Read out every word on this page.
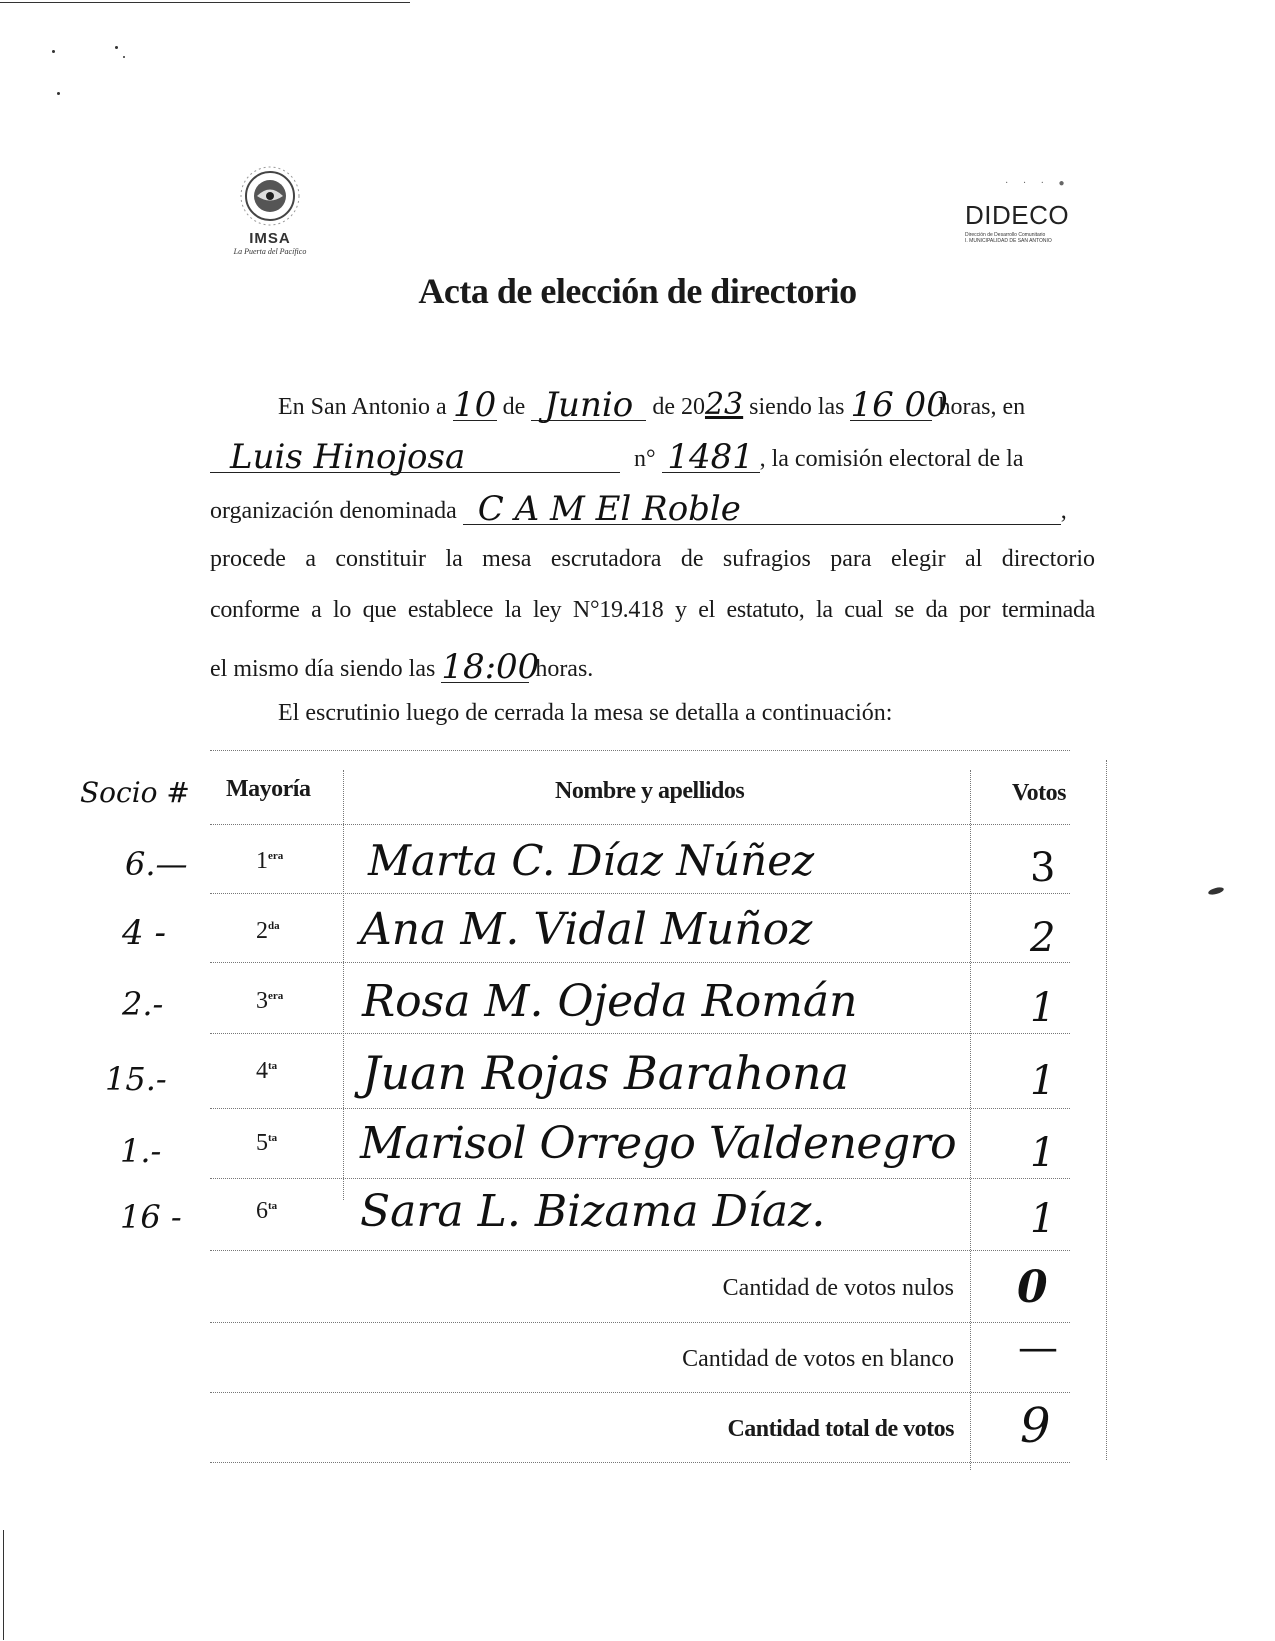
IMSA
La Puerta del Pacífico
· · · ●
DIDECO
Dirección de Desarrollo Comunitario
I. MUNICIPALIDAD DE SAN ANTONIO
Acta de elección de directorio
En San Antonio a 10 de Junio de 2023 siendo las 16 00 horas, en
Luis Hinojosa	n° 1481 , la comisión electoral de la
organización denominada C A M El Roble	,
procede a constituir la mesa escrutadora de sufragios para elegir al directorio
conforme a lo que establece la ley N°19.418 y el estatuto, la cual se da por terminada
el mismo día siendo las 18:00 horas.
El escrutinio luego de cerrada la mesa se detalla a continuación:
Socio # Mayoría	Nombre y apellidos	Votos
6.—	$1^{era}$ Marta C. Díaz Núñez	3
4 -	$2^{da}$ Ana M. Vidal Muñoz	2
2.-	$3^{era}$ Rosa M. Ojeda Román	1
15.-	$4^{ta}$ Juan Rojas Barahona	1
1.-	$5^{ta}$ Marisol Orrego Valdenegro 1
16 -	$6^{ta}$ Sara L. Bizama Díaz.	1
Cantidad de votos nulos 0
Cantidad de votos en blanco —
Cantidad total de votos 9
